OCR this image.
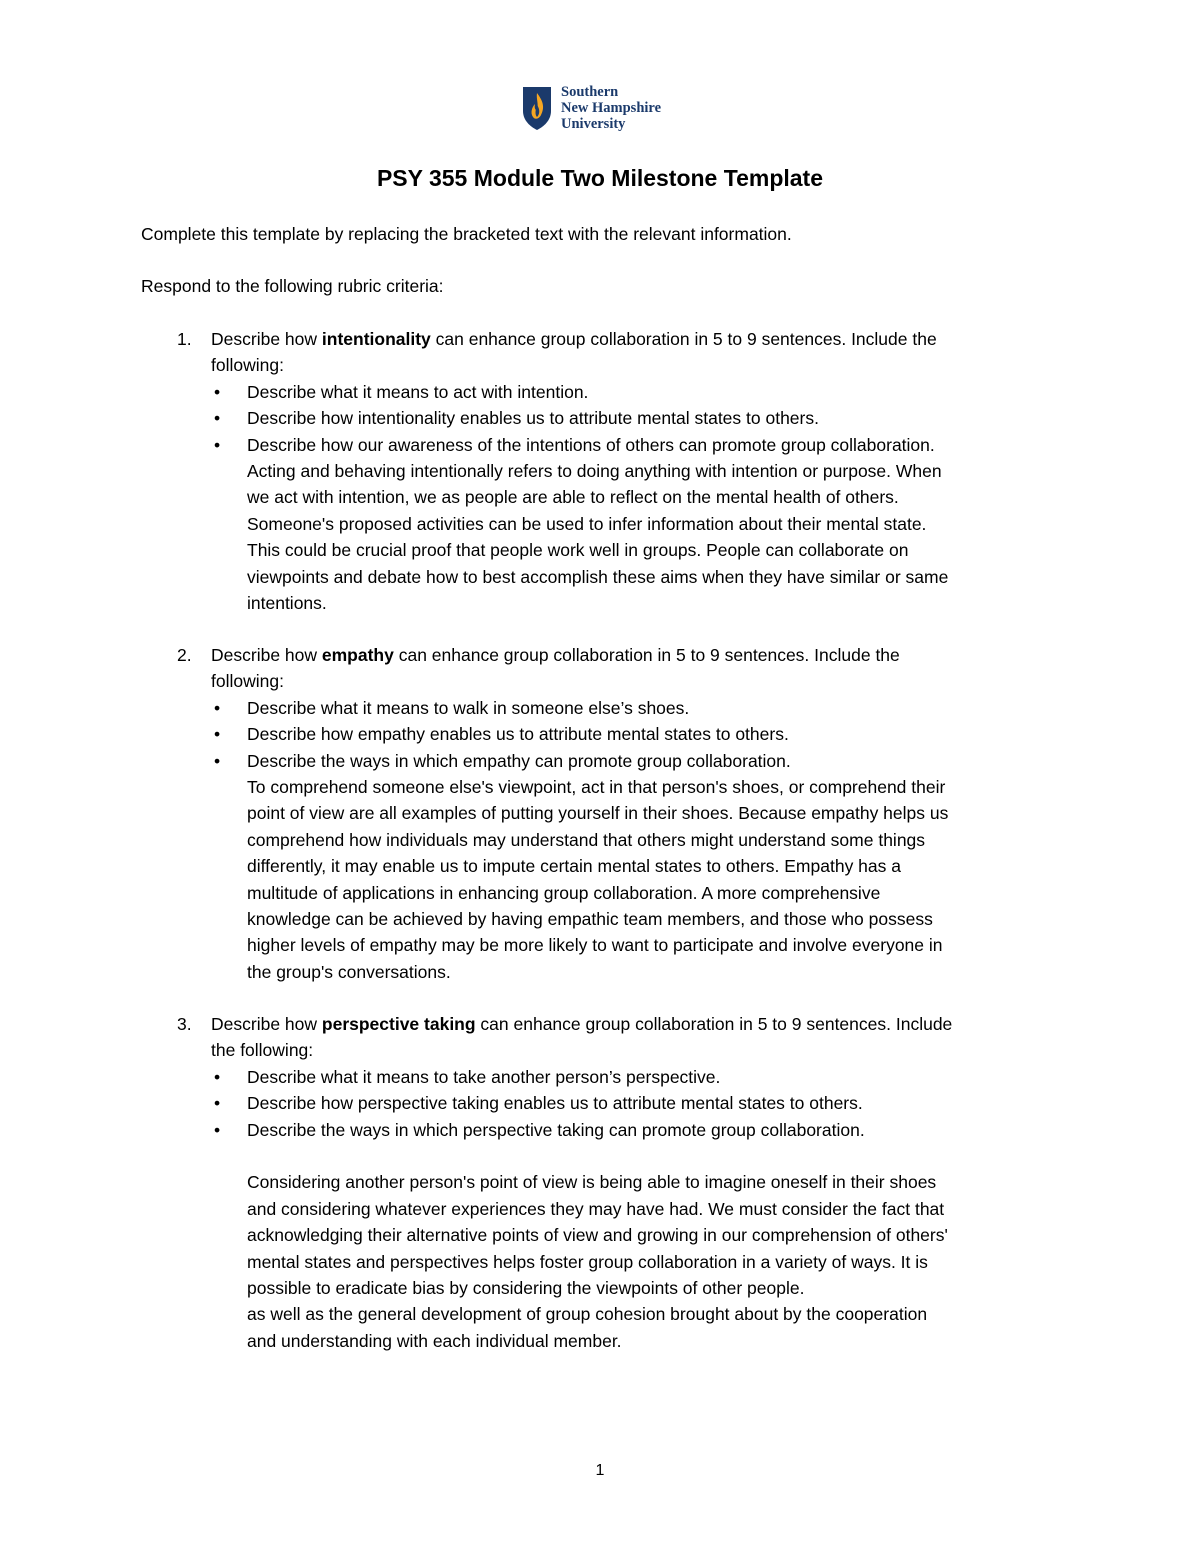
Southern
New Hampshire
University
PSY 355 Module Two Milestone Template
Complete this template by replacing the bracketed text with the relevant information.
Respond to the following rubric criteria:
1. Describe how intentionality can enhance group collaboration in 5 to 9 sentences. Include the
following:
• Describe what it means to act with intention.
• Describe how intentionality enables us to attribute mental states to others.
• Describe how our awareness of the intentions of others can promote group collaboration.
Acting and behaving intentionally refers to doing anything with intention or purpose. When
we act with intention, we as people are able to reflect on the mental health of others.
Someone's proposed activities can be used to infer information about their mental state.
This could be crucial proof that people work well in groups. People can collaborate on
viewpoints and debate how to best accomplish these aims when they have similar or same
intentions.
2. Describe how empathy can enhance group collaboration in 5 to 9 sentences. Include the
following:
• Describe what it means to walk in someone else’s shoes.
• Describe how empathy enables us to attribute mental states to others.
• Describe the ways in which empathy can promote group collaboration.
To comprehend someone else's viewpoint, act in that person's shoes, or comprehend their
point of view are all examples of putting yourself in their shoes. Because empathy helps us
comprehend how individuals may understand that others might understand some things
differently, it may enable us to impute certain mental states to others. Empathy has a
multitude of applications in enhancing group collaboration. A more comprehensive
knowledge can be achieved by having empathic team members, and those who possess
higher levels of empathy may be more likely to want to participate and involve everyone in
the group's conversations.
3. Describe how perspective taking can enhance group collaboration in 5 to 9 sentences. Include
the following:
• Describe what it means to take another person’s perspective.
• Describe how perspective taking enables us to attribute mental states to others.
• Describe the ways in which perspective taking can promote group collaboration.
Considering another person's point of view is being able to imagine oneself in their shoes
and considering whatever experiences they may have had. We must consider the fact that
acknowledging their alternative points of view and growing in our comprehension of others'
mental states and perspectives helps foster group collaboration in a variety of ways. It is
possible to eradicate bias by considering the viewpoints of other people.
as well as the general development of group cohesion brought about by the cooperation
and understanding with each individual member.
1
